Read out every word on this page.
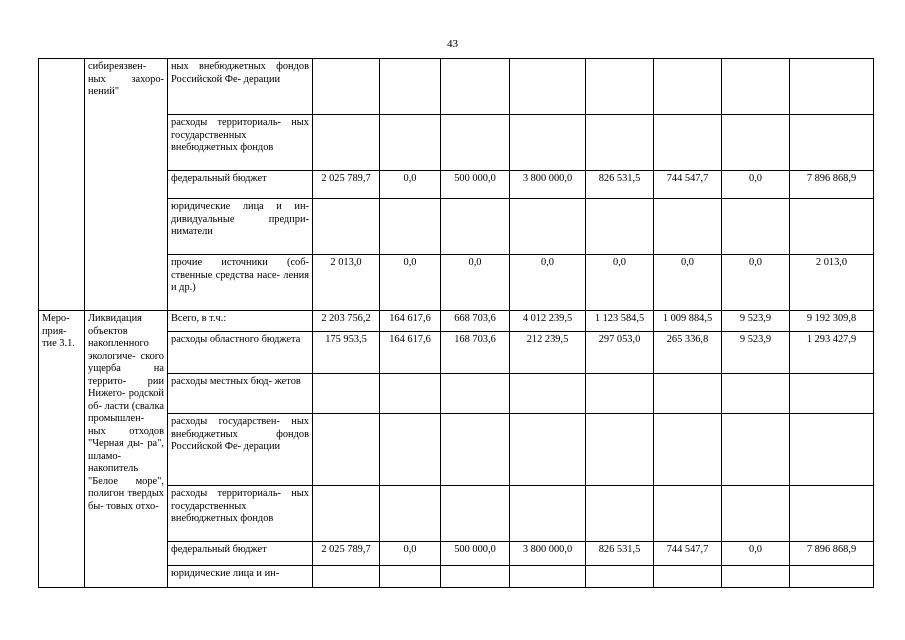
43
	сибиреязвен- ных захоро- нений"	ных внебюджетных фондов Российской Фе- дерации								
		расходы территориаль- ных государственных внебюджетных фондов								
		федеральный бюджет	2 025 789,7	0,0	500 000,0	3 800 000,0	826 531,5	744 547,7	0,0	7 896 868,9
		юридические лица и ин- дивидуальные предпри- ниматели								
		прочие источники (соб- ственные средства насе- ления и др.)	2 013,0	0,0	0,0	0,0	0,0	0,0	0,0	2 013,0
Меро- прия- тие 3.1.	Ликвидация объектов накопленного экологиче- ского ущерба на террито- рии Нижего- родской об- ласти (свалка промышлен- ных отходов "Черная ды- ра", шламо- накопитель "Белое море", полигон твердых бы- товых отхо-	Всего, в т.ч.:	2 203 756,2	164 617,6	668 703,6	4 012 239,5	1 123 584,5	1 009 884,5	9 523,9	9 192 309,8
		расходы областного бюджета	175 953,5	164 617,6	168 703,6	212 239,5	297 053,0	265 336,8	9 523,9	1 293 427,9
		расходы местных бюд- жетов								
		расходы государствен- ных внебюджетных фондов Российской Фе- дерации								
		расходы территориаль- ных государственных внебюджетных фондов								
		федеральный бюджет	2 025 789,7	0,0	500 000,0	3 800 000,0	826 531,5	744 547,7	0,0	7 896 868,9
		юридические лица и ин-								
